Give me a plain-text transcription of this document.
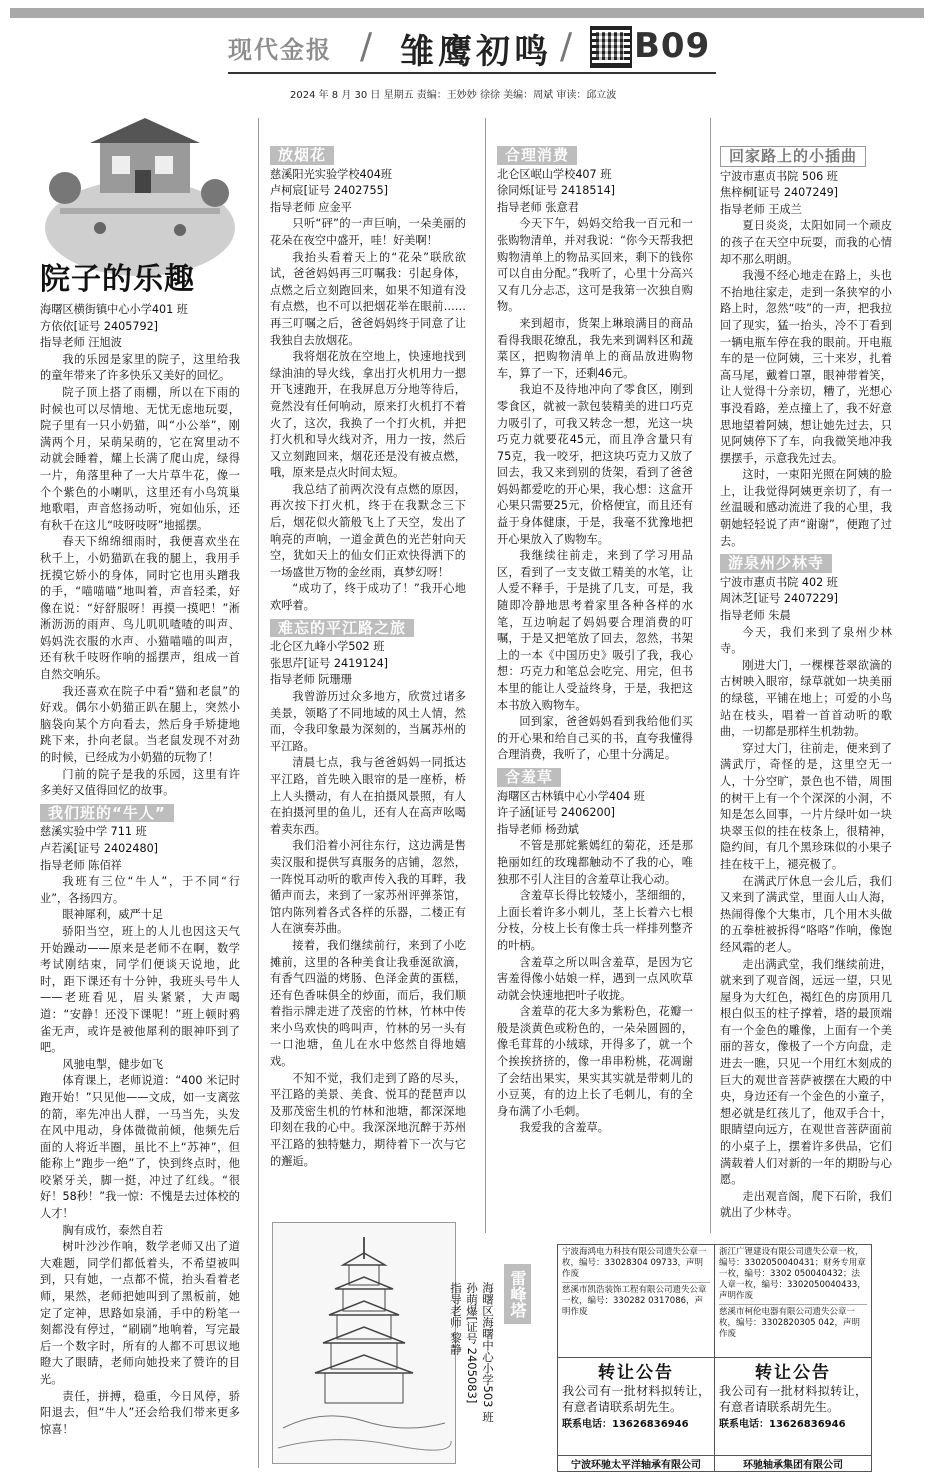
现代金报 / 雏鹰初鸣 / B09
2024 年 8 月 30 日 星期五 责编：王妙妙 徐徐 美编：周斌 审读：邱立波
院子的乐趣

海曙区横街镇中心小学401 班

方依依[证号 2405792]

指导老师 汪旭波

我的乐园是家里的院子，这里给我的童年带来了许多快乐又美好的回忆。

院子顶上搭了雨棚，所以在下雨的时候也可以尽情地、无忧无虑地玩耍，院子里有一只小奶猫，叫“小公举”，刚满两个月，呆萌呆萌的，它在窝里动不动就会睡着，耀上长满了爬山虎，绿得一片，角落里种了一大片草牛花，像一个个紫色的小喇叭，这里还有小鸟筑巢地歌唱，声音悠扬动听，宛如仙乐，还有秋千在这儿“吱呀吱呀”地摇摆。

春天下绵绵细雨时，我便喜欢坐在秋千上，小奶猫趴在我的腿上，我用手抚摸它娇小的身体，同时它也用头蹭我的手，“喵喵喵”地叫着，声音轻柔，好像在说：“好舒服呀！再摸一摸吧！”淅淅沥沥的雨声、鸟儿叽叽喳喳的叫声、妈妈洗衣服的水声、小猫喵喵的叫声，还有秋千吱呀作响的摇摆声，组成一首自然交响乐。

我还喜欢在院子中看“猫和老鼠”的好戏。偶尔小奶猫正趴在腿上，突然小脑袋向某个方向看去，然后身手矫捷地跳下来，扑向老鼠。当老鼠发现不对劲的时候，已经成为小奶猫的玩物了！

门前的院子是我的乐园，这里有许多美好又值得回忆的故事。

我们班的“牛人”

慈溪实验中学 711 班

卢若溪[证号 2402480]

指导老师 陈佰祥

我班有三位“牛人”，于不同“行业”，各扬四方。

眼神犀利，威严十足

骄阳当空，班上的人儿也因这天气开始躁动——原来是老师不在啊，数学考试刚结束，同学们便谈天说地，此时，距下课还有十分钟，我班头号牛人——老班看见，眉头紧紧，大声喝道：“安静！还没下课呢！”班上顿时鸦雀无声，或许是被他犀利的眼神吓到了吧。

风驰电掣，健步如飞

体育课上，老师说道：“400 米记时跑开始！”只见他——文成，如一支离弦的箭，率先冲出人群，一马当先，头发在风中甩动，身体微微前倾，他频先后面的人将近半圈，虽比不上“苏神”，但能称上“跑步一绝”了，快到终点时，他咬紧牙关，脚一挺，冲过了红线。“很好！58秒！”我一惊：不愧是去过体校的人才！

胸有成竹，泰然自若

树叶沙沙作响，数学老师又出了道大难题，同学们都低着头，不希望被叫到，只有她，一点都不慌，抬头看着老师，果然，老师把她叫到了黑板前，她定了定神，思路如泉涌，手中的粉笔一刻都没有停过，“刷刷”地响着，写完最后一个数字时，所有的人都不可思议地瞪大了眼睛，老师向她投来了赞许的目光。

责任，拼搏，稳重，今日风停，骄阳退去，但“牛人”还会给我们带来更多惊喜！

放烟花

慈溪阳光实验学校404班

卢柯宸[证号 2402755]

指导老师 应金平

只听“砰”的一声巨响，一朵美丽的花朵在夜空中盛开，哇！好美啊！

我抬头看着天上的“花朵”联欣欲试，爸爸妈妈再三叮嘱我：引起身体，点燃之后立刻跑回来，如果不知道有没有点燃，也不可以把烟花举在眼前……再三叮嘱之后，爸爸妈妈终于同意了让我独自去放烟花。

我将烟花放在空地上，快速地找到绿油油的导火线，拿出打火机用力一摁开飞速跑开，在我屏息万分地等待后，竟然没有任何响动，原来打火机打不着火了，这次，我换了一个打火机，并把打火机和导火线对齐，用力一按，然后又立刻跑回来，烟花还是没有被点燃，哦，原来是点火时间太短。

我总结了前两次没有点燃的原因，再次按下打火机，终于在我默念三下后，烟花似火箭般飞上了天空，发出了响亮的声响，一道金黄色的光芒射向天空，犹如天上的仙女们正欢快得洒下的一场盛世万物的金丝雨，真梦幻呀！

“成功了，终于成功了！”我开心地欢呼着。

难忘的平江路之旅

北仑区九峰小学502 班

张思芹[证号 2419124]

指导老师 阮珊珊

我曾游历过众多地方，欣赏过诸多美景，领略了不同地域的风土人情，然而，令我印象最为深刻的，当属苏州的平江路。

清晨七点，我与爸爸妈妈一同抵达平江路，首先映入眼帘的是一座桥，桥上人头攒动，有人在拍摄风景照，有人在拍摄河里的鱼儿，还有人在高声吆喝着卖东西。

我们沿着小河往东行，这边满是售卖汉服和提供写真服务的店铺，忽然，一阵悦耳动听的歌声传入我的耳畔，我循声而去，来到了一家苏州评弹茶馆，馆内陈列着各式各样的乐器，二楼正有人在演奏苏曲。

接着，我们继续前行，来到了小吃摊前，这里的各种美食让我垂涎欲滴，有香气四溢的烤肠、色泽金黄的蛋糕，还有色香味俱全的炒面，而后，我们顺着指示牌走进了茂密的竹林，竹林中传来小鸟欢快的鸣叫声，竹林的另一头有一口池塘，鱼儿在水中悠然自得地嬉戏。

不知不觉，我们走到了路的尽头，平江路的美景、美食、悦耳的琵琶声以及那茂密生机的竹林和池塘，都深深地印刻在我的心中。我深深地沉醉于苏州平江路的独特魅力，期待着下一次与它的邂逅。

合理消费

北仑区岷山学校407 班

徐同烁[证号 2418514]

指导老师 张意君

今天下午，妈妈交给我一百元和一张购物清单，并对我说：“你今天帮我把购物清单上的物品买回来，剩下的钱你可以自由分配。”我听了，心里十分高兴又有几分忐忑，这可是我第一次独自购物。

来到超市，货架上琳琅满目的商品看得我眼花缭乱，我先来到调料区和蔬菜区，把购物清单上的商品放进购物车，算了一下，还剩46元。

我迫不及待地冲向了零食区，刚到零食区，就被一款包装精美的进口巧克力吸引了，可我又转念一想，光这一块巧克力就要花45元，而且净含量只有75克，我一咬牙，把这块巧克力又放了回去，我又来到别的货架，看到了爸爸妈妈都爱吃的开心果，我心想：这盒开心果只需要25元，价格便宜，而且还有益于身体健康，于是，我毫不犹豫地把开心果放入了购物车。

我继续往前走，来到了学习用品区，看到了一支支做工精美的水笔，让人爱不释手，于是挑了几支，可是，我随即冷静地思考着家里各种各样的水笔，互边响起了妈妈要合理消费的叮嘱，于是又把笔放了回去，忽然，书架上的一本《中国历史》吸引了我，我心想：巧克力和笔总会吃完、用完，但书本里的能让人受益终身，于是，我把这本书放入购物车。

回到家，爸爸妈妈看到我给他们买的开心果和给自己买的书，直夸我懂得合理消费，我听了，心里十分满足。

含羞草

海曙区古林镇中心小学404 班

许子涵[证号 2406200]

指导老师 杨劲斌

不管是那姹紫嫣红的菊花，还是那艳丽如红的玫瑰都触动不了我的心，唯独那不引人注目的含羞草让我心动。

含羞草长得比较矮小，茎细细的，上面长着许多小刺儿，茎上长着六七根分枝，分枝上长有像士兵一样排列整齐的叶柄。

含羞草之所以叫含羞草，是因为它害羞得像小姑娘一样，遇到一点风吹草动就会快速地把叶子收拢。

含羞草的花大多为紫粉色，花瓣一般是淡黄色或粉色的，一朵朵圆圆的，像毛茸茸的小绒球，开得多了，就一个个挨挨挤挤的，像一串串粉桃，花凋谢了会结出果实，果实其实就是带刺儿的小豆荚，有的边上长了毛刺儿，有的全身布满了小毛刺。

我爱我的含羞草。

回家路上的小插曲

宁波市惠贞书院 506 班

焦梓桐[证号 2407249]

指导老师 王成兰

夏日炎炎，太阳如同一个顽皮的孩子在天空中玩耍，而我的心情却不那么明朗。

我漫不经心地走在路上，头也不抬地往家走，走到一条狭窄的小路上时，忽然“吱”的一声，把我拉回了现实，猛一抬头，冷不丁看到一辆电瓶车停在我的眼前。开电瓶车的是一位阿姨，三十来岁，扎着高马尾，戴着口罩，眼神带着笑，让人觉得十分亲切，糟了，光想心事没看路，差点撞上了，我不好意思地望着阿姨，想让她先过去，只见阿姨停下了车，向我微笑地冲我摆摆手，示意我先过去。

这时，一束阳光照在阿姨的脸上，让我觉得阿姨更亲切了，有一丝温暖和感动流进了我的心里，我朝她轻轻说了声“谢谢”，便跑了过去。

游泉州少林寺

宁波市惠贞书院 402 班

周沐芝[证号 2407229]

指导老师 朱晨

今天，我们来到了泉州少林寺。

刚进大门，一棵棵苍翠欲滴的古树映入眼帘，绿草就如一块美丽的绿毯，平铺在地上；可爱的小鸟站在枝头，唱着一首首动听的歌曲，一切都是那样生机勃勃。

穿过大门，往前走，便来到了满武厅，奇怪的是，这里空无一人，十分空旷，景色也不错，周围的树干上有一个个深深的小洞，不知是怎么回事，一片片绿叶如一块块翠玉似的挂在枝条上，很精神，隐约间，有几个黑珍珠似的小果子挂在枝干上，褪亮极了。

在满武厅休息一会儿后，我们又来到了满武堂，里面人山人海，热闹得像个大集市，几个用木头做的五拳桩被拆得“咯咯”作响，像饱经风霜的老人。

走出满武堂，我们继续前进，就来到了观音阁，远远一望，只见屋身为大红色，褐红色的房顶用几根白似玉的柱子撑着，塔的最顶端有一个金色的雕像，上面有一个美丽的菩女，像极了一个方向盘，走进去一瞧，只见一个用红木刻成的巨大的观世音菩萨被摆在大殿的中央，身边还有一个金色的小童子，想必就是红孩儿了，他双手合十，眼睛望向远方，在观世音菩萨面前的小桌子上，摆着许多供品，它们满载着人们对新的一年的期盼与心愿。

走出观音阁，爬下石阶，我们就出了少林寺。

雷峰塔
海曙区海曙中心小学503 班
孙萌爆[证号 2405083]
指导老师 黎静
宁波海鸿电力科技有限公司遗失公章一枚，编号：33028304 09733，声明作废
慈溪市凯浩装饰工程有限公司遗失公章一枚，编号：330282 0317086，声明作废
转让公告
我公司有一批材料拟转让，有意者请联系胡先生。
联系电话：13626836946
宁波环驰太平洋轴承有限公司
浙江广锂建设有限公司遗失公章一枚，编号：3302050040431；财务专用章一枚，编号：3302 050040432；法人章一枚，编号：3302050040433，声明作废
慈溪市柯伦电器有限公司遗失公章一枚，编号：3302820305 042，声明作废
转让公告
我公司有一批材料拟转让，有意者请联系胡先生。
联系电话：13626836946
环驰轴承集团有限公司
